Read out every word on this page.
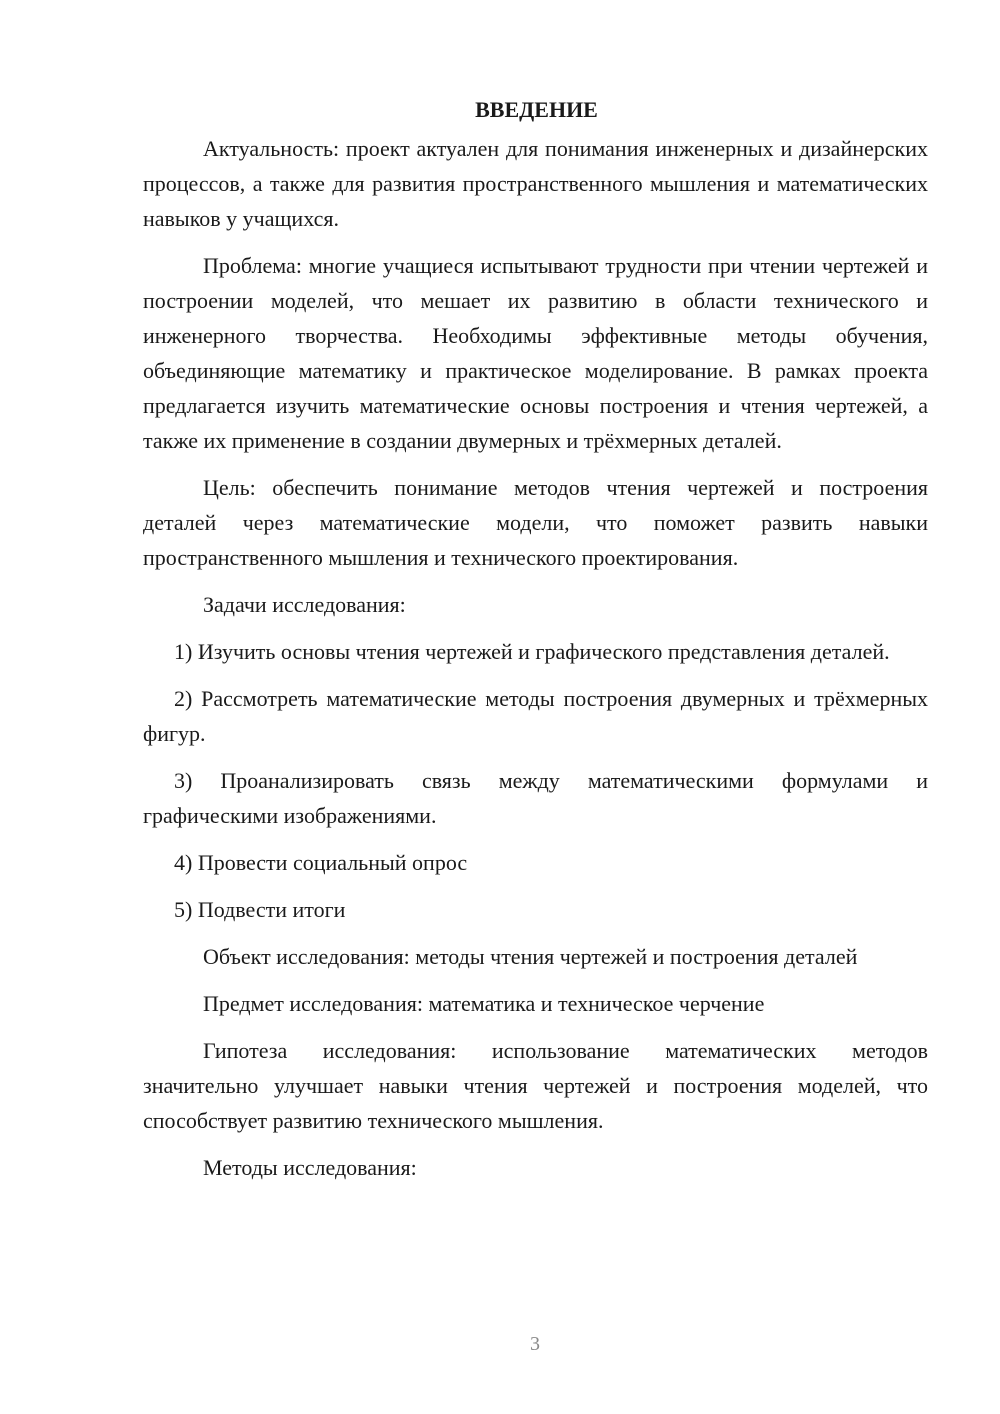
ВВЕДЕНИЕ

Актуальность: проект актуален для понимания инженерных и дизайнерских процессов, а также для развития пространственного мышления и математических навыков у учащихся.

Проблема: многие учащиеся испытывают трудности при чтении чертежей и построении моделей, что мешает их развитию в области технического и инженерного творчества. Необходимы эффективные методы обучения, объединяющие математику и практическое моделирование. В рамках проекта предлагается изучить математические основы построения и чтения чертежей, а также их применение в создании двумерных и трёхмерных деталей.

Цель: обеспечить понимание методов чтения чертежей и построения деталей через математические модели, что поможет развить навыки пространственного мышления и технического проектирования.

Задачи исследования:

1) Изучить основы чтения чертежей и графического представления деталей.

2) Рассмотреть математические методы построения двумерных и трёхмерных фигур.

3) Проанализировать связь между математическими формулами и графическими изображениями.

4) Провести социальный опрос

5) Подвести итоги

Объект исследования: методы чтения чертежей и построения деталей

Предмет исследования: математика и техническое черчение

Гипотеза исследования: использование математических методов значительно улучшает навыки чтения чертежей и построения моделей, что способствует развитию технического мышления.

Методы исследования:

3
